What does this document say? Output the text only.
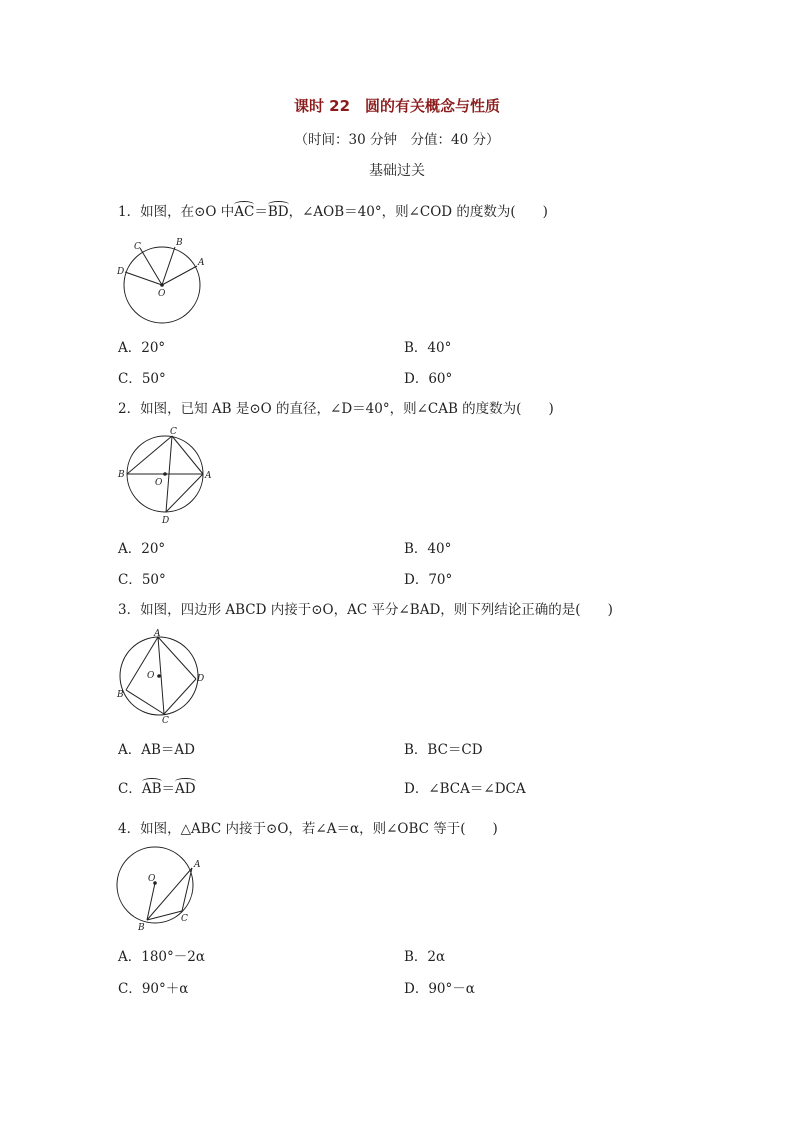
课时 22　圆的有关概念与性质
（时间：30 分钟　分值：40 分）
基础过关
1．如图，在⊙O 中AC＝BD，∠AOB＝40°，则∠COD 的度数为(　　)
C	B
A
D
O
A．20°	B．40°
C．50°	D．60°
2．如图，已知 AB 是⊙O 的直径，∠D＝40°，则∠CAB 的度数为(　　)
C
B	A
O
D
A．20°	B．40°
C．50°	D．70°
3．如图，四边形 ABCD 内接于⊙O，AC 平分∠BAD，则下列结论正确的是(　　)
A
O	D
B
C
A．AB＝AD	B．BC＝CD
C．AB＝AD	D．∠BCA＝∠DCA
4．如图，△ABC 内接于⊙O，若∠A＝α，则∠OBC 等于(　　)
O
A
C
B
A．180°－2α	B．2α
C．90°＋α	D．90°－α
